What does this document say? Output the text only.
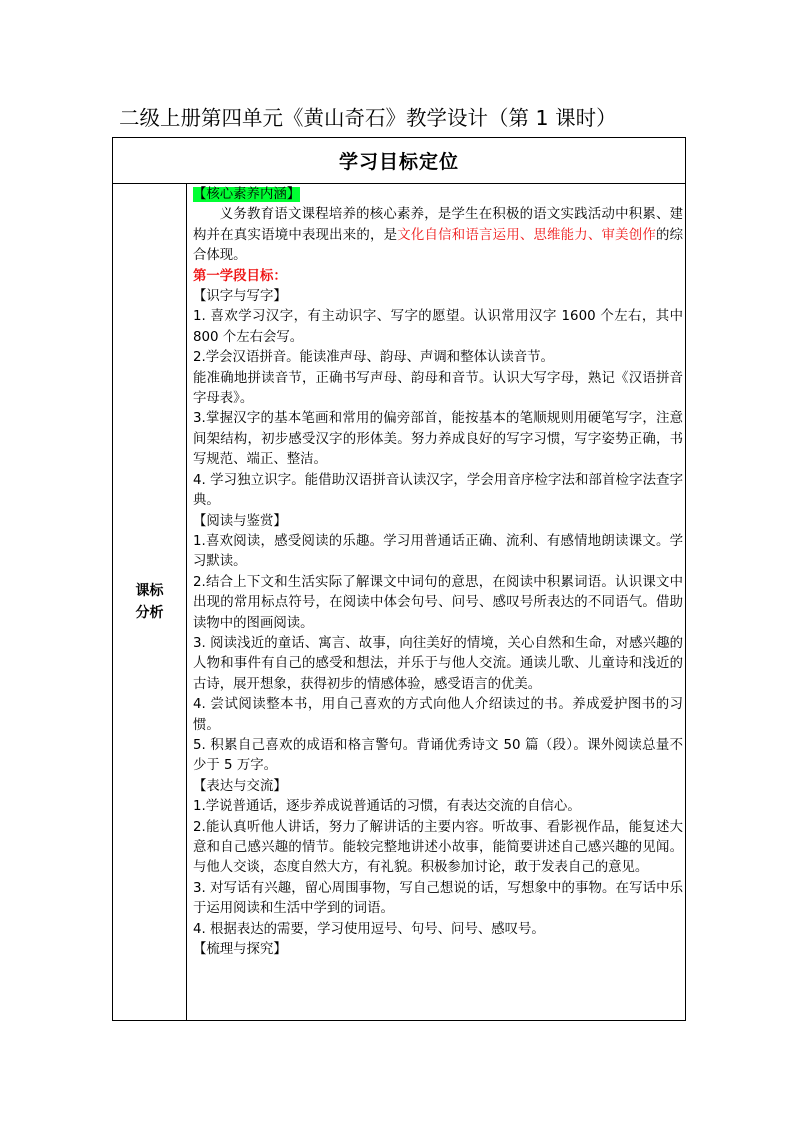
二级上册第四单元《黄山奇石》教学设计（第 1 课时）
学习目标定位
课标分析

【核心素养内涵】

义务教育语文课程培养的核心素养，是学生在积极的语文实践活动中积累、建构并在真实语境中表现出来的，是文化自信和语言运用、思维能力、审美创作的综合体现。

第一学段目标：

【识字与写字】

1. 喜欢学习汉字，有主动识字、写字的愿望。认识常用汉字 1600 个左右，其中 800 个左右会写。

2.学会汉语拼音。能读准声母、韵母、声调和整体认读音节。

能准确地拼读音节，正确书写声母、韵母和音节。认识大写字母，熟记《汉语拼音字母表》。

3.掌握汉字的基本笔画和常用的偏旁部首，能按基本的笔顺规则用硬笔写字，注意间架结构，初步感受汉字的形体美。努力养成良好的写字习惯，写字姿势正确，书写规范、端正、整洁。

4. 学习独立识字。能借助汉语拼音认读汉字，学会用音序检字法和部首检字法查字典。

【阅读与鉴赏】

1.喜欢阅读，感受阅读的乐趣。学习用普通话正确、流利、有感情地朗读课文。学习默读。

2.结合上下文和生活实际了解课文中词句的意思，在阅读中积累词语。认识课文中出现的常用标点符号，在阅读中体会句号、问号、感叹号所表达的不同语气。借助读物中的图画阅读。

3. 阅读浅近的童话、寓言、故事，向往美好的情境，关心自然和生命，对感兴趣的人物和事件有自己的感受和想法，并乐于与他人交流。通读儿歌、儿童诗和浅近的古诗，展开想象，获得初步的情感体验，感受语言的优美。

4. 尝试阅读整本书，用自己喜欢的方式向他人介绍读过的书。养成爱护图书的习惯。

5. 积累自己喜欢的成语和格言警句。背诵优秀诗文 50 篇（段）。课外阅读总量不少于 5 万字。

【表达与交流】

1.学说普通话，逐步养成说普通话的习惯，有表达交流的自信心。

2.能认真听他人讲话，努力了解讲话的主要内容。听故事、看影视作品，能复述大意和自己感兴趣的情节。能较完整地讲述小故事，能简要讲述自己感兴趣的见闻。与他人交谈，态度自然大方，有礼貌。积极参加讨论，敢于发表自己的意见。

3. 对写话有兴趣，留心周围事物，写自己想说的话，写想象中的事物。在写话中乐于运用阅读和生活中学到的词语。

4. 根据表达的需要，学习使用逗号、句号、问号、感叹号。

【梳理与探究】
